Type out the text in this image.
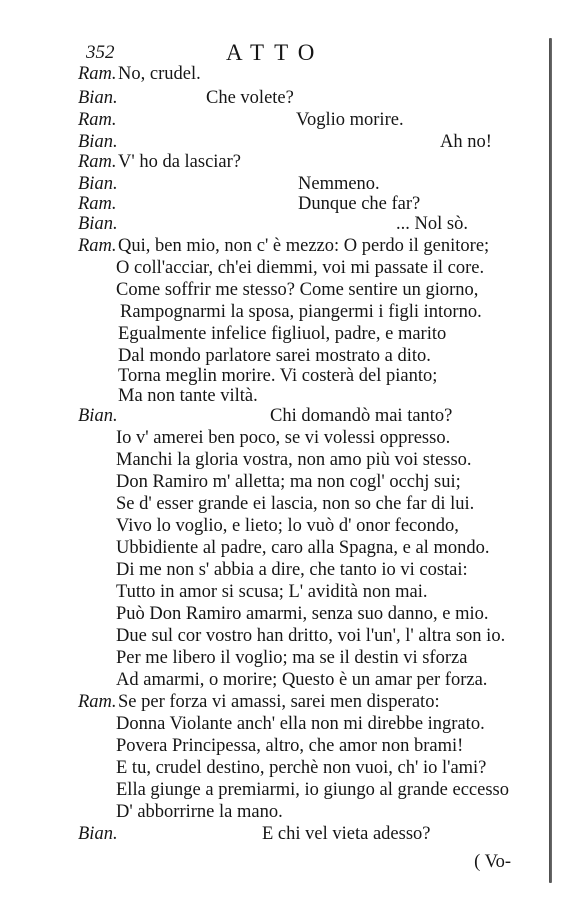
352	ATTO
Ram. No, crudel.
Bian.	Che volete?
Ram.	Voglio morire.
Bian.	Ah no!
Ram. V' ho da lasciar?
Bian.	Nemmeno.
Ram.	Dunque che far?
Bian.	... Nol sò.
Ram. Qui, ben mio, non c' è mezzo: O perdo il genitore;
O coll'acciar, ch'ei diemmi, voi mi passate il core.
Come soffrir me stesso? Come sentire un giorno,
Rampognarmi la sposa, piangermi i figli intorno.
Egualmente infelice figliuol, padre, e marito
Dal mondo parlatore sarei mostrato a dito.
Torna meglin morire. Vi costerà del pianto;
Ma non tante viltà.
Bian.	Chi domandò mai tanto?
Io v' amerei ben poco, se vi volessi oppresso.
Manchi la gloria vostra, non amo più voi stesso.
Don Ramiro m' alletta; ma non cogl' occhj sui;
Se d' esser grande ei lascia, non so che far di lui.
Vivo lo voglio, e lieto; lo vuò d' onor fecondo,
Ubbidiente al padre, caro alla Spagna, e al mondo.
Di me non s' abbia a dire, che tanto io vi costai:
Tutto in amor si scusa; L' avidità non mai.
Può Don Ramiro amarmi, senza suo danno, e mio.
Due sul cor vostro han dritto, voi l'un', l' altra son io.
Per me libero il voglio; ma se il destin vi sforza
Ad amarmi, o morire; Questo è un amar per forza.
Ram. Se per forza vi amassi, sarei men disperato:
Donna Violante anch' ella non mi direbbe ingrato.
Povera Principessa, altro, che amor non brami!
E tu, crudel destino, perchè non vuoi, ch' io l'ami?
Ella giunge a premiarmi, io giungo al grande eccesso
D' abborrirne la mano.
Bian.	E chi vel vieta adesso?
( Vo-
